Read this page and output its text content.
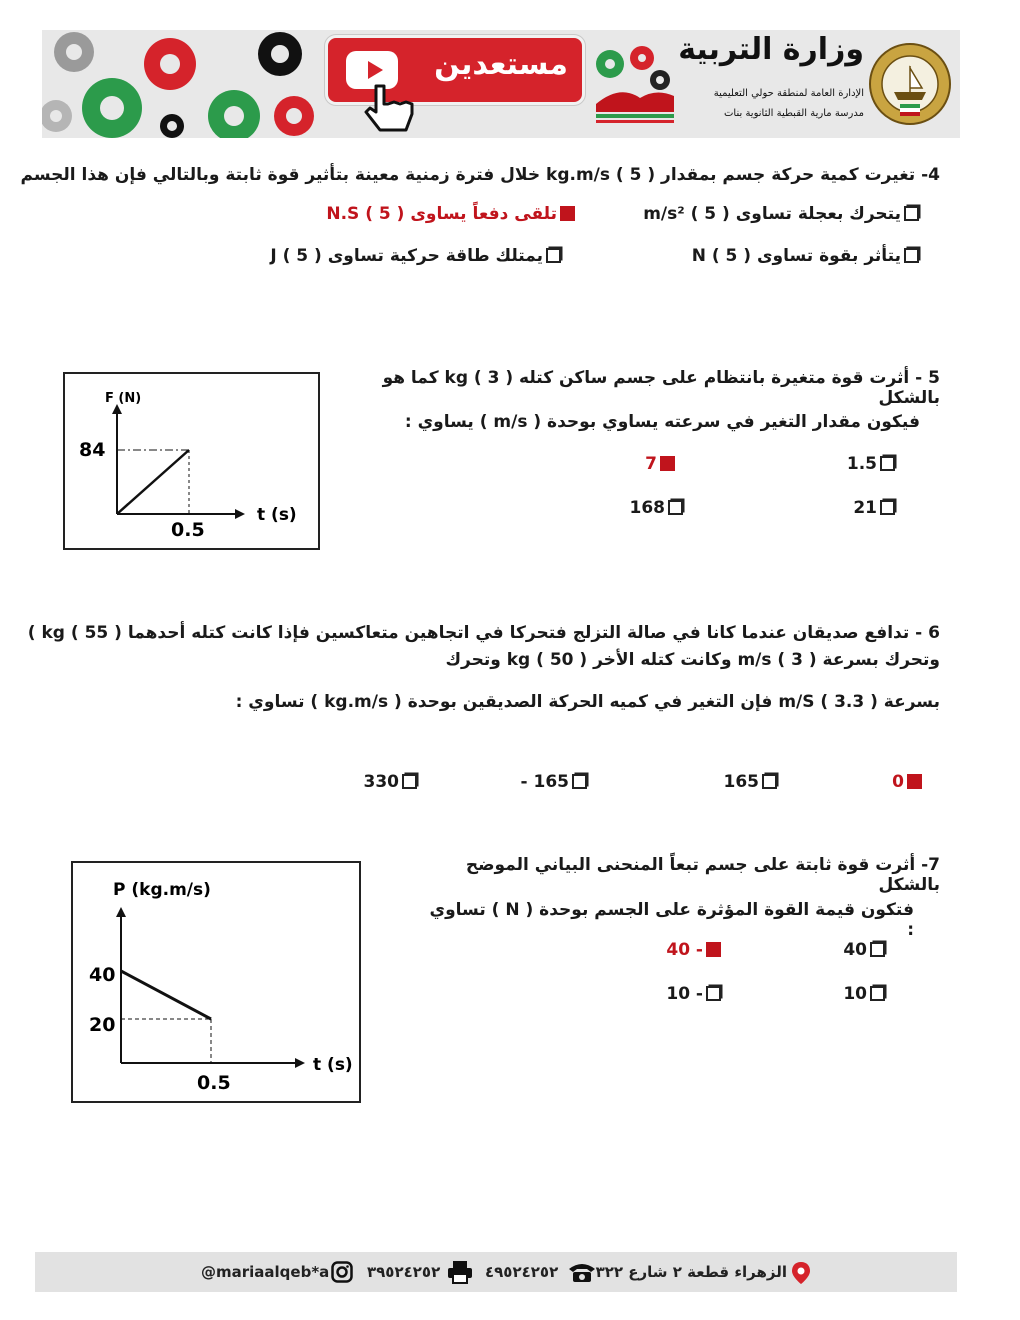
مستعدين	وزارة التربية
الإدارة العامة لمنطقة حولي التعليمية
مدرسة مارية القبطية الثانوية بنات
4- تغيرت كمية حركة جسم بمقدار kg.m/s ( 5 ) خلال فترة زمنية معينة بتأثير قوة ثابتة وبالتالي فإن هذا الجسم
يتحرك بعجلة تساوى m/s² ( 5 )
تلقى دفعاً يساوى N.S ( 5 )
يتأثر بقوة تساوى N ( 5 )
يمتلك طاقة حركية تساوى J ( 5 )
F (N)
84
0.5
t (s)
5 - أثرت قوة متغيرة بانتظام على جسم ساكن كتله kg ( 3 ) كما هو بالشكل
فيكون مقدار التغير في سرعته يساوي بوحدة ( m/s ) يساوي :
1.5
7
21
168
6 - تدافع صديقان عندما كانا في صالة التزلج فتحركا في اتجاهين متعاكسين فإذا كانت كتله أحدهما kg ( 55 ) )
وتحرك بسرعة m/s ( 3 ) وكانت كتله الأخر kg ( 50 ) وتحرك
بسرعة m/S ( 3.3 ) فإن التغير في كميه الحركة الصديقين بوحدة ( kg.m/s ) تساوي :
0
165
165 -
330
P (kg.m/s)
40
20
0.5
t (s)
7- أثرت قوة ثابتة على جسم تبعاً المنحنى البياني الموضح بالشكل
فتكون قيمة القوة المؤثرة على الجسم بوحدة ( N ) تساوي :
40
40 -
10
10 -
الزهراء قطعة ٢ شارع ٣٢٢
٤٩٥٢٤٢٥٢
٣٩٥٢٤٢٥٢
@mariaalqeb*a
